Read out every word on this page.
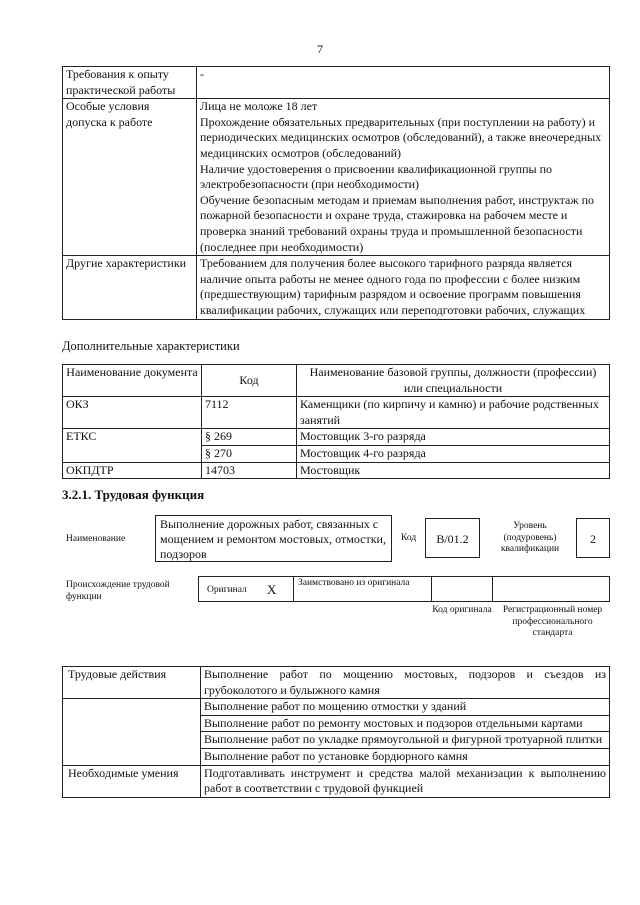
7
Требования к опыту практической работы	-
Особые условия допуска к работе	Лица не моложе 18 лет
Прохождение обязательных предварительных (при поступлении на работу) и периодических медицинских осмотров (обследований), а также внеочередных медицинских осмотров (обследований)
Наличие удостоверения о присвоении квалификационной группы по электробезопасности (при необходимости)
Обучение безопасным методам и приемам выполнения работ, инструктаж по пожарной безопасности и охране труда, стажировка на рабочем месте и проверка знаний требований охраны труда и промышленной безопасности (последнее при необходимости)

Другие характеристики	Требованием для получения более высокого тарифного разряда является наличие опыта работы не менее одного года по профессии с более низким (предшествующим) тарифным разрядом и освоение программ повышения квалификации рабочих, служащих или переподготовки рабочих, служащих
Дополнительные характеристики
Наименование документа	Код	Наименование базовой группы, должности (профессии) или специальности
ОКЗ	7112	Каменщики (по кирпичу и камню) и рабочие родственных занятий
ЕТКС	§ 269	Мостовщик 3-го разряда
	§ 270	Мостовщик 4-го разряда
ОКПДТР	14703	Мостовщик
3.2.1. Трудовая функция
Наименование
Выполнение дорожных работ, связанных с мощением и ремонтом мостовых, отмостки, подзоров
Код	B/01.2
Уровень (подуровень) квалификации
2
Происхождение трудовой функции
Оригинал X Заимствовано из оригинала
Код оригинала	Регистрационный номер профессионального стандарта
Трудовые действия	Выполнение работ по мощению мостовых, подзоров и съездов из грубоколотого и булыжного камня
	Выполнение работ по мощению отмостки у зданий
	Выполнение работ по ремонту мостовых и подзоров отдельными картами
	Выполнение работ по укладке прямоугольной и фигурной тротуарной плитки
	Выполнение работ по установке бордюрного камня
Необходимые умения	Подготавливать инструмент и средства малой механизации к выполнению работ в соответствии с трудовой функцией
